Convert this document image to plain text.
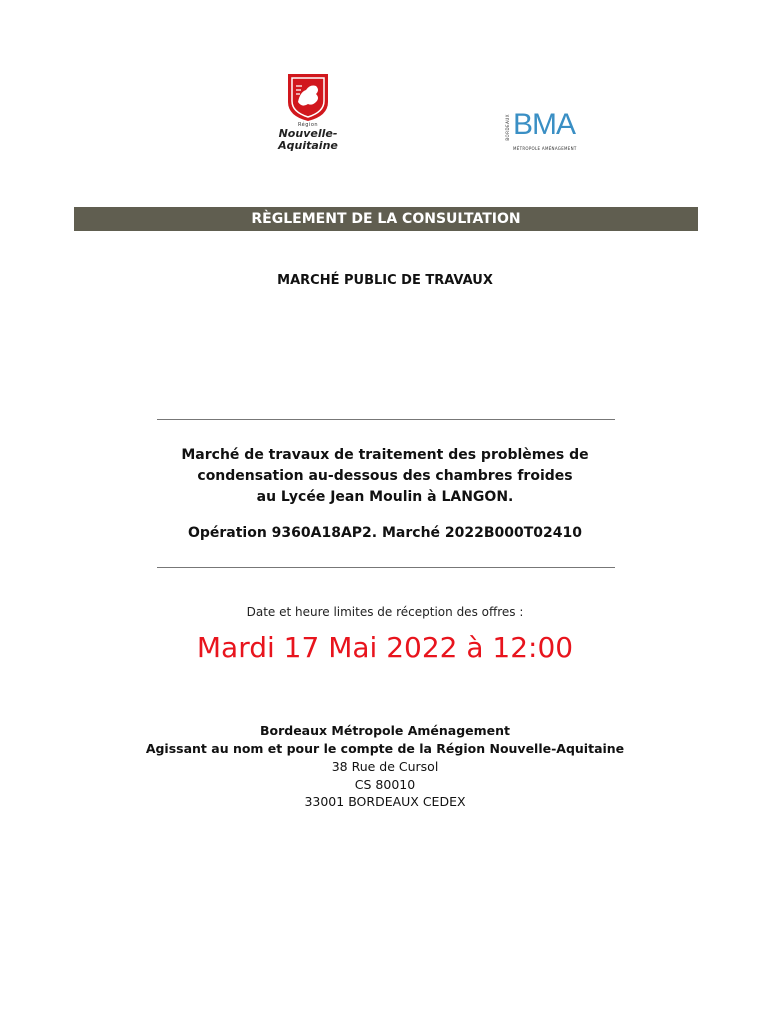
Région
Nouvelle-
Aquitaine
BORDEAUX BMA
MÉTROPOLE AMÉNAGEMENT
RÈGLEMENT DE LA CONSULTATION
MARCHÉ PUBLIC DE TRAVAUX
Marché de travaux de traitement des problèmes de
condensation au-dessous des chambres froides
au Lycée Jean Moulin à LANGON.
Opération 9360A18AP2. Marché 2022B000T02410
Date et heure limites de réception des offres :
Mardi 17 Mai 2022 à 12:00
Bordeaux Métropole Aménagement
Agissant au nom et pour le compte de la Région Nouvelle-Aquitaine
38 Rue de Cursol
CS 80010
33001 BORDEAUX CEDEX
